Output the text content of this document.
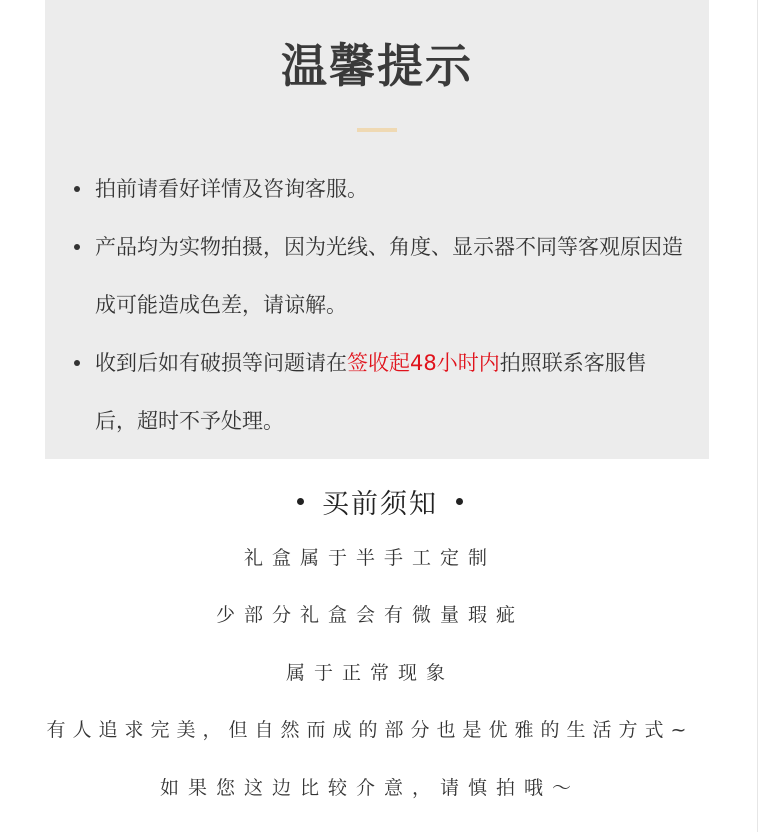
温馨提示
拍前请看好详情及咨询客服。
产品均为实物拍摄，因为光线、角度、显示器不同等客观原因造成可能造成色差，请谅解。
收到后如有破损等问题请在签收起48小时内拍照联系客服售后，超时不予处理。
买前须知
礼盒属于半手工定制
少部分礼盒会有微量瑕疵
属于正常现象
有人追求完美，但自然而成的部分也是优雅的生活方式~
如果您这边比较介意，请慎拍哦～
